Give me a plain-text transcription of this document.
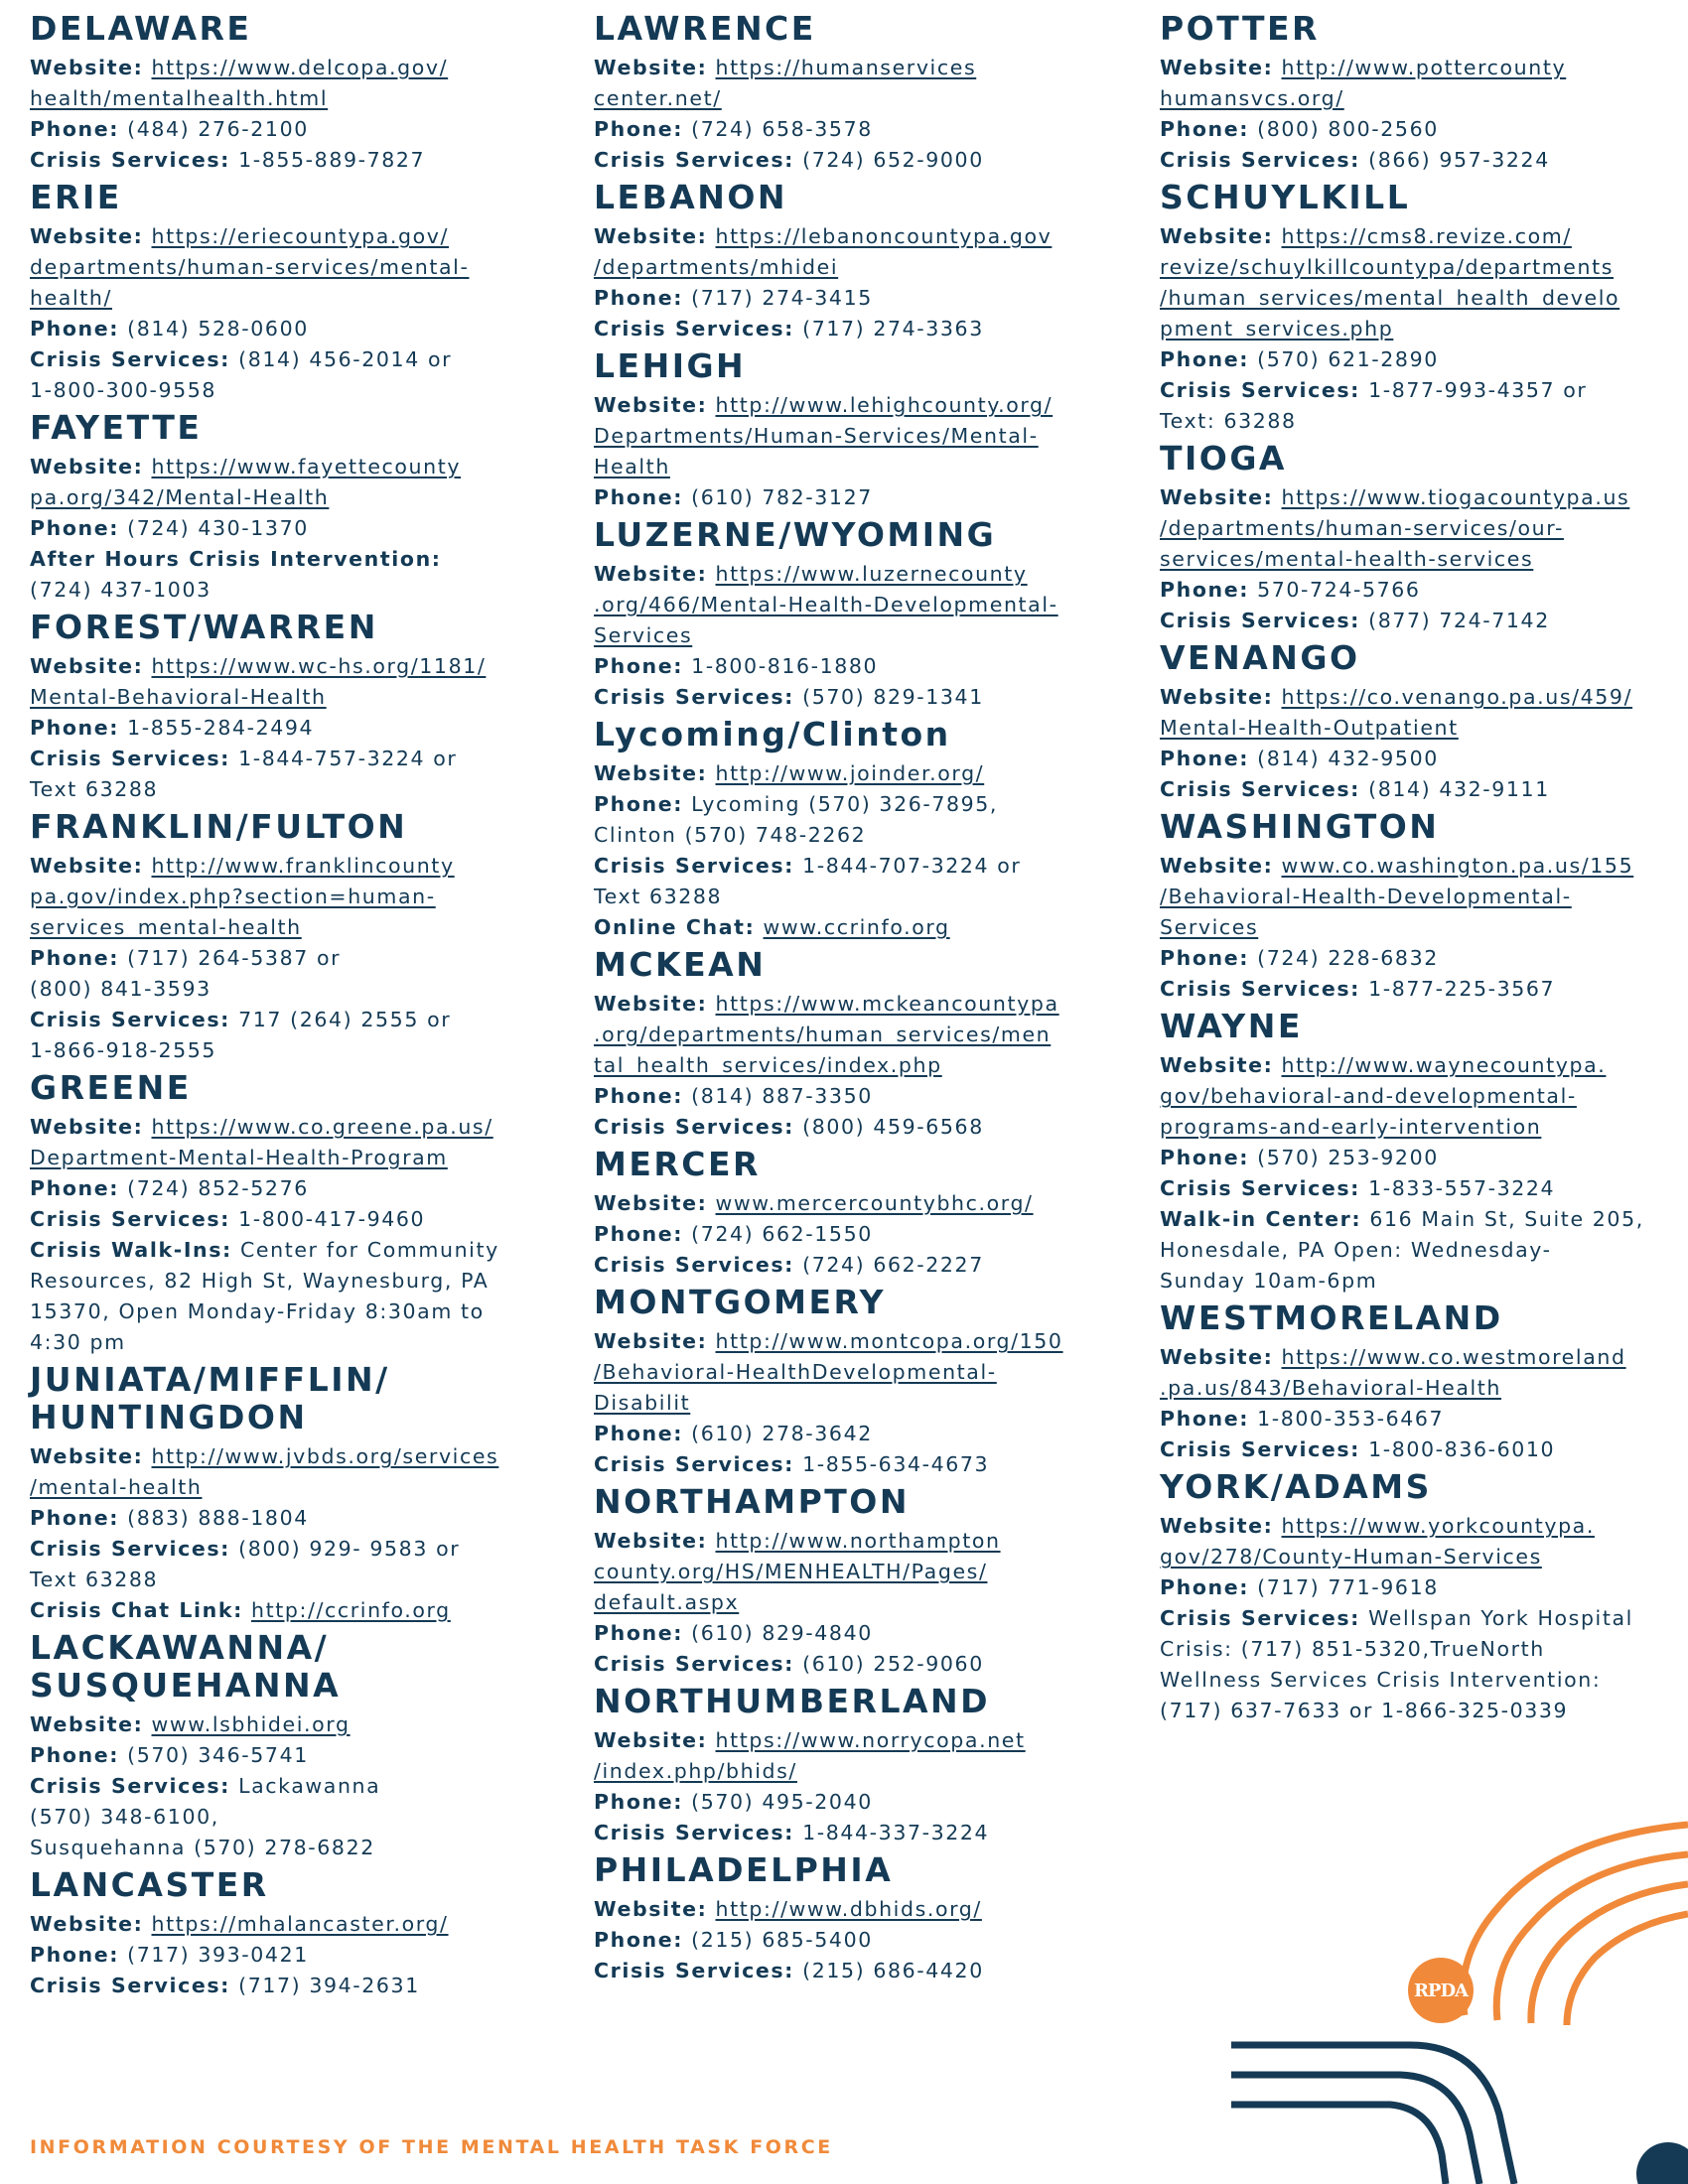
DELAWARE
Website: https://www.delcopa.gov/
health/mentalhealth.html
Phone: (484) 276-2100
Crisis Services: 1-855-889-7827
ERIE
Website: https://eriecountypa.gov/
departments/human-services/mental-
health/
Phone: (814) 528-0600
Crisis Services: (814) 456-2014 or
1-800-300-9558
FAYETTE
Website: https://www.fayettecounty
pa.org/342/Mental-Health
Phone: (724) 430-1370
After Hours Crisis Intervention:
(724) 437-1003
FOREST/WARREN
Website: https://www.wc-hs.org/1181/
Mental-Behavioral-Health
Phone: 1-855-284-2494
Crisis Services: 1-844-757-3224 or
Text 63288
FRANKLIN/FULTON
Website: http://www.franklincounty
pa.gov/index.php?section=human-
services_mental-health
Phone: (717) 264-5387 or
(800) 841-3593
Crisis Services: 717 (264) 2555 or
1-866-918-2555
GREENE
Website: https://www.co.greene.pa.us/
Department-Mental-Health-Program
Phone: (724) 852-5276
Crisis Services: 1-800-417-9460
Crisis Walk-Ins: Center for Community
Resources, 82 High St, Waynesburg, PA
15370, Open Monday-Friday 8:30am to
4:30 pm
JUNIATA/MIFFLIN/
HUNTINGDON
Website: http://www.jvbds.org/services
/mental-health
Phone: (883) 888-1804
Crisis Services: (800) 929- 9583 or
Text 63288
Crisis Chat Link: http://ccrinfo.org
LACKAWANNA/
SUSQUEHANNA
Website: www.lsbhidei.org
Phone: (570) 346-5741
Crisis Services: Lackawanna
(570) 348-6100,
Susquehanna (570) 278-6822
LANCASTER
Website: https://mhalancaster.org/
Phone: (717) 393-0421
Crisis Services: (717) 394-2631
LAWRENCE
Website: https://humanservices
center.net/
Phone: (724) 658-3578
Crisis Services: (724) 652-9000
LEBANON
Website: https://lebanoncountypa.gov
/departments/mhidei
Phone: (717) 274-3415
Crisis Services: (717) 274-3363
LEHIGH
Website: http://www.lehighcounty.org/
Departments/Human-Services/Mental-
Health
Phone: (610) 782-3127
LUZERNE/WYOMING
Website: https://www.luzernecounty
.org/466/Mental-Health-Developmental-
Services
Phone: 1-800-816-1880
Crisis Services: (570) 829-1341
Lycoming/Clinton
Website: http://www.joinder.org/
Phone: Lycoming (570) 326-7895,
Clinton (570) 748-2262
Crisis Services: 1-844-707-3224 or
Text 63288
Online Chat: www.ccrinfo.org
MCKEAN
Website: https://www.mckeancountypa
.org/departments/human_services/men
tal_health_services/index.php
Phone: (814) 887-3350
Crisis Services: (800) 459-6568
MERCER
Website: www.mercercountybhc.org/
Phone: (724) 662-1550
Crisis Services: (724) 662-2227
MONTGOMERY
Website: http://www.montcopa.org/150
/Behavioral-HealthDevelopmental-
Disabilit
Phone: (610) 278-3642
Crisis Services: 1-855-634-4673
NORTHAMPTON
Website: http://www.northampton
county.org/HS/MENHEALTH/Pages/
default.aspx
Phone: (610) 829-4840
Crisis Services: (610) 252-9060
NORTHUMBERLAND
Website: https://www.norrycopa.net
/index.php/bhids/
Phone: (570) 495-2040
Crisis Services: 1-844-337-3224
PHILADELPHIA
Website: http://www.dbhids.org/
Phone: (215) 685-5400
Crisis Services: (215) 686-4420
POTTER
Website: http://www.pottercounty
humansvcs.org/
Phone: (800) 800-2560
Crisis Services: (866) 957-3224
SCHUYLKILL
Website: https://cms8.revize.com/
revize/schuylkillcountypa/departments
/human_services/mental_health_develo
pment_services.php
Phone: (570) 621-2890
Crisis Services: 1-877-993-4357 or
Text: 63288
TIOGA
Website: https://www.tiogacountypa.us
/departments/human-services/our-
services/mental-health-services
Phone: 570-724-5766
Crisis Services: (877) 724-7142
VENANGO
Website: https://co.venango.pa.us/459/
Mental-Health-Outpatient
Phone: (814) 432-9500
Crisis Services: (814) 432-9111
WASHINGTON
Website: www.co.washington.pa.us/155
/Behavioral-Health-Developmental-
Services
Phone: (724) 228-6832
Crisis Services: 1-877-225-3567
WAYNE
Website: http://www.waynecountypa.
gov/behavioral-and-developmental-
programs-and-early-intervention
Phone: (570) 253-9200
Crisis Services: 1-833-557-3224
Walk-in Center: 616 Main St, Suite 205,
Honesdale, PA Open: Wednesday-
Sunday 10am-6pm
WESTMORELAND
Website: https://www.co.westmoreland
.pa.us/843/Behavioral-Health
Phone: 1-800-353-6467
Crisis Services: 1-800-836-6010
YORK/ADAMS
Website: https://www.yorkcountypa.
gov/278/County-Human-Services
Phone: (717) 771-9618
Crisis Services: Wellspan York Hospital
Crisis: (717) 851-5320,TrueNorth
Wellness Services Crisis Intervention:
(717) 637-7633 or 1-866-325-0339
INFORMATION COURTESY OF THE MENTAL HEALTH TASK FORCE
RPDA
